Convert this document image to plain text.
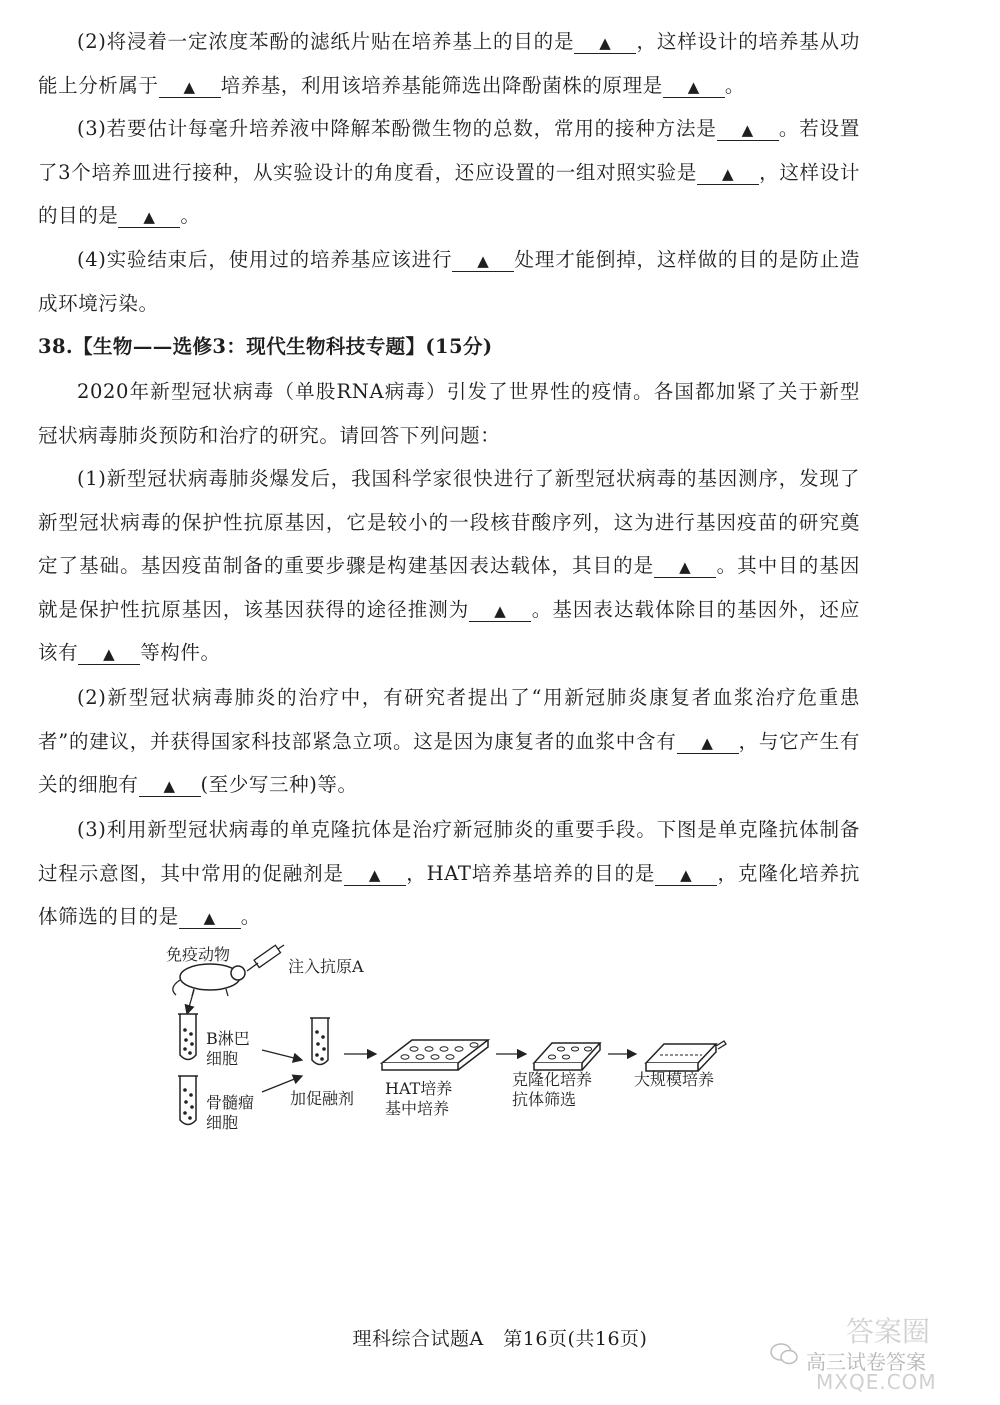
(2)将浸着一定浓度苯酚的滤纸片贴在培养基上的目的是 ▲ ，这样设计的培养基从功能上分析属于 ▲ 培养基，利用该培养基能筛选出降酚菌株的原理是 ▲ 。
(3)若要估计每毫升培养液中降解苯酚微生物的总数，常用的接种方法是 ▲ 。若设置了3个培养皿进行接种，从实验设计的角度看，还应设置的一组对照实验是 ▲ ，这样设计的目的是 ▲ 。
(4)实验结束后，使用过的培养基应该进行 ▲ 处理才能倒掉，这样做的目的是防止造成环境污染。
38.【生物——选修3：现代生物科技专题】(15分)
2020年新型冠状病毒（单股RNA病毒）引发了世界性的疫情。各国都加紧了关于新型冠状病毒肺炎预防和治疗的研究。请回答下列问题：
(1)新型冠状病毒肺炎爆发后，我国科学家很快进行了新型冠状病毒的基因测序，发现了新型冠状病毒的保护性抗原基因，它是较小的一段核苷酸序列，这为进行基因疫苗的研究奠定了基础。基因疫苗制备的重要步骤是构建基因表达载体，其目的是 ▲ 。其中目的基因就是保护性抗原基因，该基因获得的途径推测为 ▲ 。基因表达载体除目的基因外，还应该有 ▲ 等构件。
(2)新型冠状病毒肺炎的治疗中，有研究者提出了“用新冠肺炎康复者血浆治疗危重患者”的建议，并获得国家科技部紧急立项。这是因为康复者的血浆中含有 ▲ ，与它产生有关的细胞有 ▲ (至少写三种)等。
(3)利用新型冠状病毒的单克隆抗体是治疗新冠肺炎的重要手段。下图是单克隆抗体制备过程示意图，其中常用的促融剂是 ▲ ，HAT培养基培养的目的是 ▲ ，克隆化培养抗体筛选的目的是 ▲ 。
免疫动物
注入抗原A
B淋巴
细胞
骨髓瘤
细胞
加促融剂
HAT培养
基中培养
克隆化培养
抗体筛选
大规模培养
理科综合试题A　第16页(共16页)	答案圈
高三试卷答案
MXQE.COM
